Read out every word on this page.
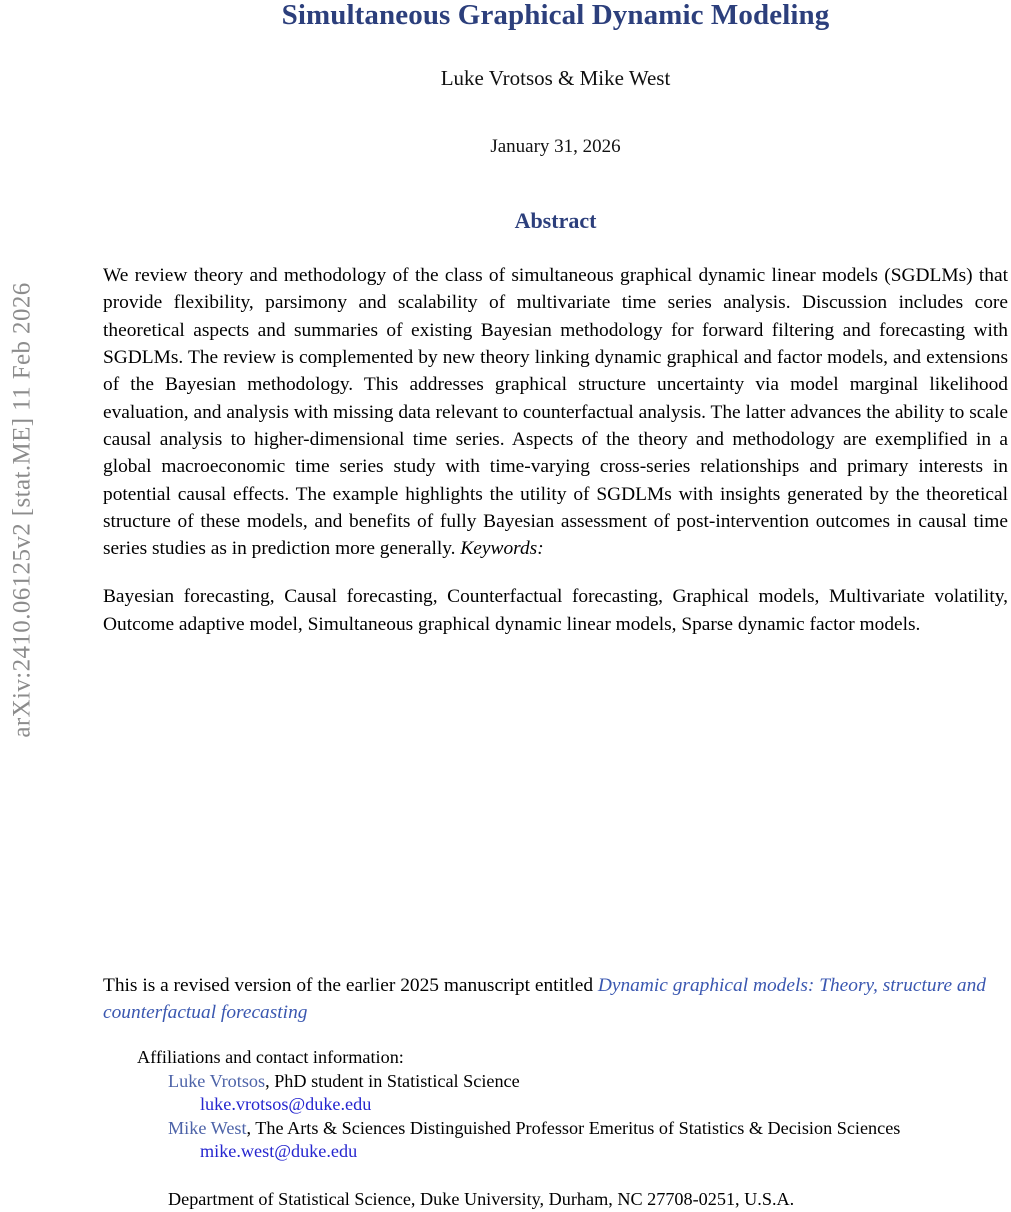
arXiv:2410.06125v2 [stat.ME] 11 Feb 2026
Simultaneous Graphical Dynamic Modeling
Luke Vrotsos & Mike West
January 31, 2026
Abstract

We review theory and methodology of the class of simultaneous graphical dynamic linear models (SGDLMs) that provide flexibility, parsimony and scalability of multivariate time series analysis. Discussion includes core theoretical aspects and summaries of existing Bayesian methodology for forward filtering and forecasting with SGDLMs. The review is complemented by new theory linking dynamic graphical and factor models, and extensions of the Bayesian methodology. This addresses graphical structure uncertainty via model marginal likelihood evaluation, and analysis with missing data relevant to counterfactual analysis. The latter advances the ability to scale causal analysis to higher-dimensional time series. Aspects of the theory and methodology are exemplified in a global macroeconomic time series study with time-varying cross-series relationships and primary interests in potential causal effects. The example highlights the utility of SGDLMs with insights generated by the theoretical structure of these models, and benefits of fully Bayesian assessment of post-intervention outcomes in causal time series studies as in prediction more generally. Keywords:

Bayesian forecasting, Causal forecasting, Counterfactual forecasting, Graphical models, Multivariate volatility, Outcome adaptive model, Simultaneous graphical dynamic linear models, Sparse dynamic factor models.

This is a revised version of the earlier 2025 manuscript entitled Dynamic graphical models: Theory, structure and counterfactual forecasting

Affiliations and contact information:

Luke Vrotsos, PhD student in Statistical Science

luke.vrotsos@duke.edu

Mike West, The Arts & Sciences Distinguished Professor Emeritus of Statistics & Decision Sciences

mike.west@duke.edu

Department of Statistical Science, Duke University, Durham, NC 27708-0251, U.S.A.
